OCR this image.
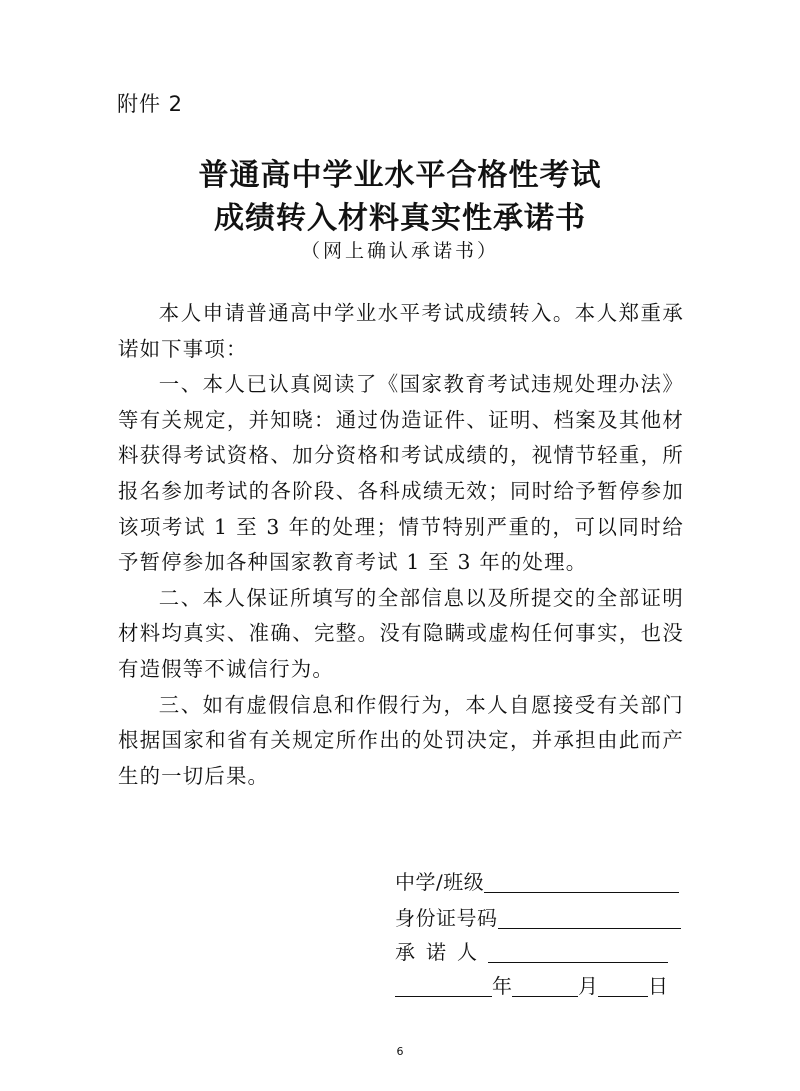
附件 2
普通高中学业水平合格性考试
成绩转入材料真实性承诺书
（网上确认承诺书）

本人申请普通高中学业水平考试成绩转入。本人郑重承诺如下事项：

一、本人已认真阅读了《国家教育考试违规处理办法》等有关规定，并知晓：通过伪造证件、证明、档案及其他材料获得考试资格、加分资格和考试成绩的，视情节轻重，所报名参加考试的各阶段、各科成绩无效；同时给予暂停参加该项考试 1 至 3 年的处理；情节特别严重的，可以同时给予暂停参加各种国家教育考试 1 至 3 年的处理。

二、本人保证所填写的全部信息以及所提交的全部证明材料均真实、准确、完整。没有隐瞒或虚构任何事实，也没有造假等不诚信行为。

三、如有虚假信息和作假行为，本人自愿接受有关部门根据国家和省有关规定所作出的处罚决定，并承担由此而产生的一切后果。

中学/班级
身份证号码
承诺人
年	月	日
6
